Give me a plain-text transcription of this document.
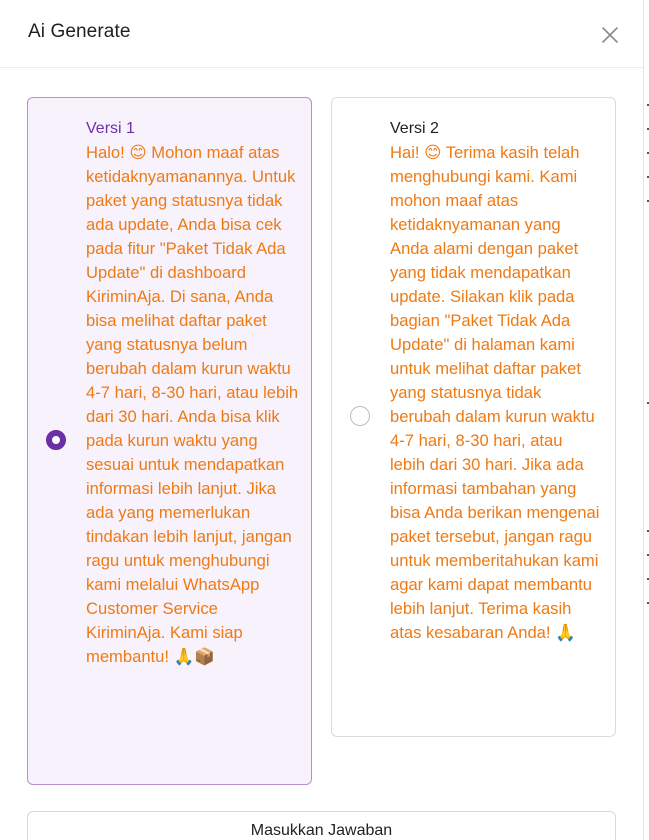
Ai Generate
Versi 1
Halo! 😊 Mohon maaf atas ketidaknyamanannya. Untuk paket yang statusnya tidak ada update, Anda bisa cek pada fitur "Paket Tidak Ada Update" di dashboard KiriminAja. Di sana, Anda bisa melihat daftar paket yang statusnya belum berubah dalam kurun waktu 4-7 hari, 8-30 hari, atau lebih dari 30 hari. Anda bisa klik pada kurun waktu yang sesuai untuk mendapatkan informasi lebih lanjut. Jika ada yang memerlukan tindakan lebih lanjut, jangan ragu untuk menghubungi kami melalui WhatsApp Customer Service KiriminAja. Kami siap membantu! 🙏📦
Versi 2
Hai! 😊 Terima kasih telah menghubungi kami. Kami mohon maaf atas ketidaknyamanan yang Anda alami dengan paket yang tidak mendapatkan update. Silakan klik pada bagian "Paket Tidak Ada Update" di halaman kami untuk melihat daftar paket yang statusnya tidak berubah dalam kurun waktu 4-7 hari, 8-30 hari, atau lebih dari 30 hari. Jika ada informasi tambahan yang bisa Anda berikan mengenai paket tersebut, jangan ragu untuk memberitahukan kami agar kami dapat membantu lebih lanjut. Terima kasih atas kesabaran Anda! 🙏
Masukkan Jawaban
